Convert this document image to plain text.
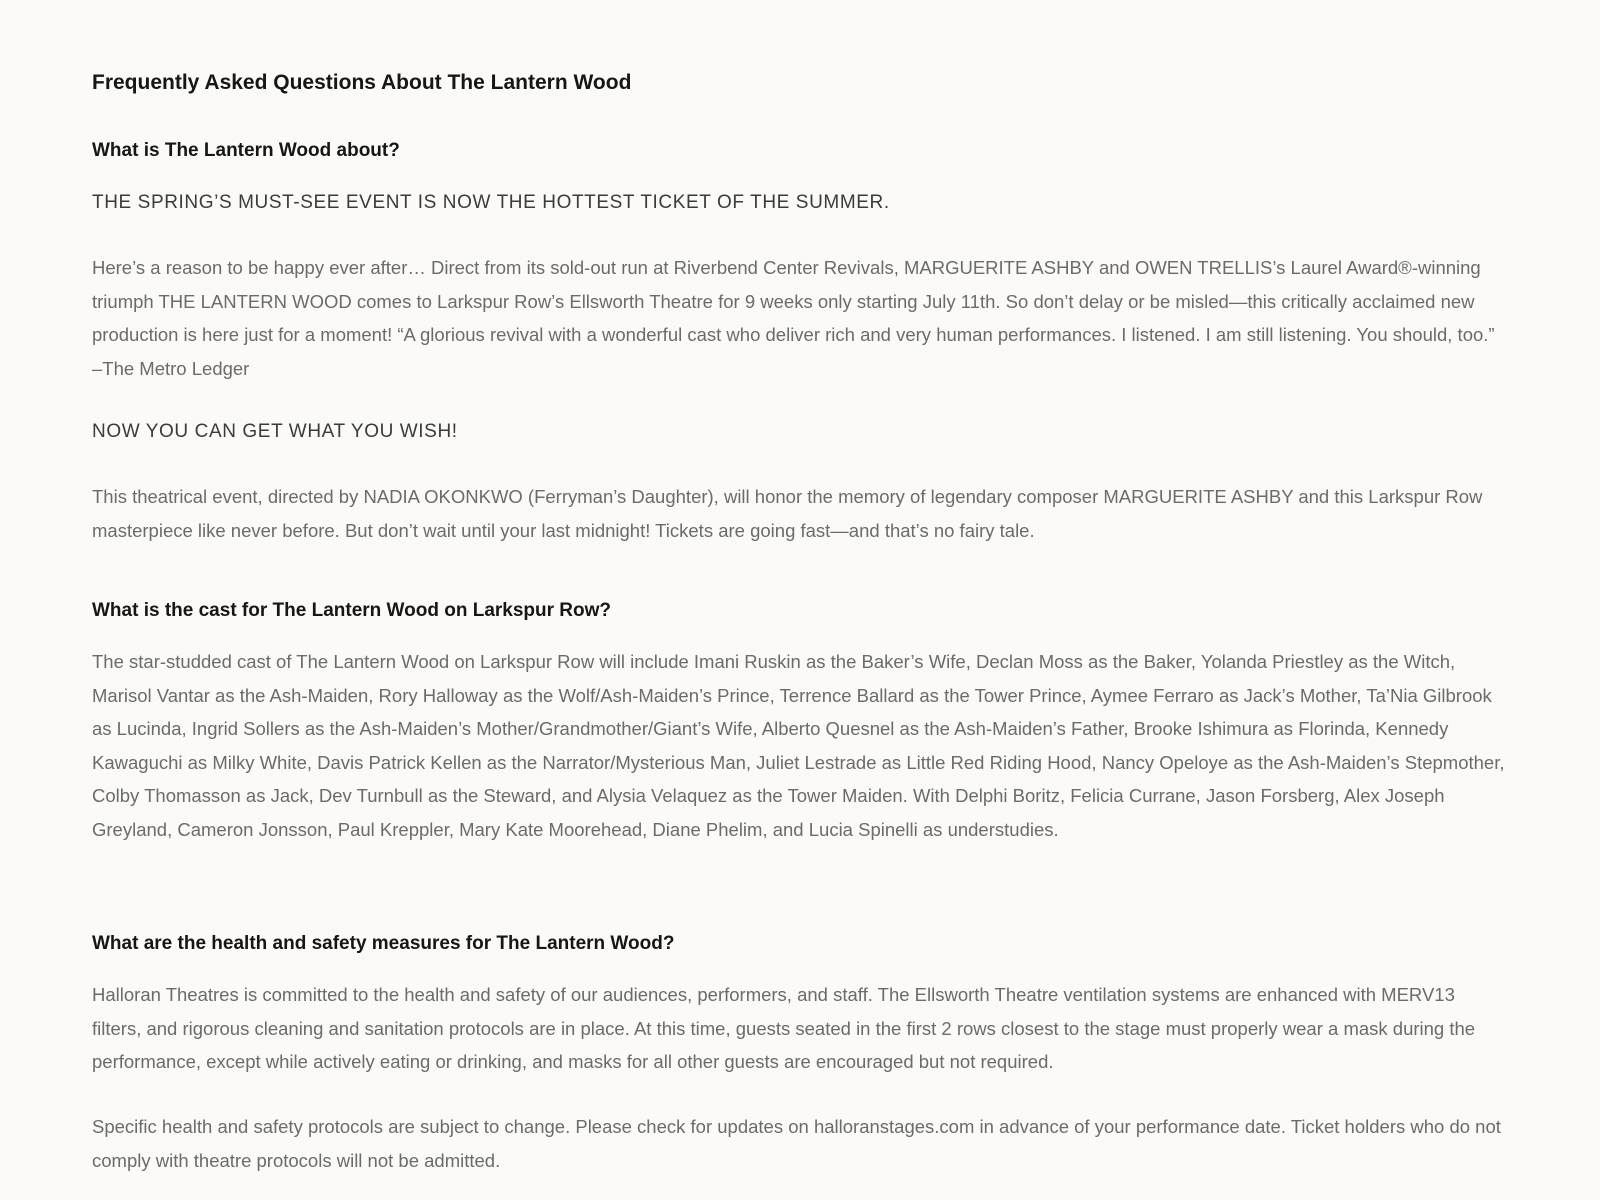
Frequently Asked Questions About The Lantern Wood
What is The Lantern Wood about?

THE SPRING’S MUST-SEE EVENT IS NOW THE HOTTEST TICKET OF THE SUMMER.

Here’s a reason to be happy ever after… Direct from its sold-out run at Riverbend Center Revivals, MARGUERITE ASHBY and OWEN TRELLIS’s Laurel Award®-winning triumph THE LANTERN WOOD comes to Larkspur Row’s Ellsworth Theatre for 9 weeks only starting July 11th. So don’t delay or be misled—this critically acclaimed new production is here just for a moment! “A glorious revival with a wonderful cast who deliver rich and very human performances. I listened. I am still listening. You should, too.” –The Metro Ledger

NOW YOU CAN GET WHAT YOU WISH!

This theatrical event, directed by NADIA OKONKWO (Ferryman’s Daughter), will honor the memory of legendary composer MARGUERITE ASHBY and this Larkspur Row masterpiece like never before. But don’t wait until your last midnight! Tickets are going fast—and that’s no fairy tale.

What is the cast for The Lantern Wood on Larkspur Row?

The star-studded cast of The Lantern Wood on Larkspur Row will include Imani Ruskin as the Baker’s Wife, Declan Moss as the Baker, Yolanda Priestley as the Witch, Marisol Vantar as the Ash-Maiden, Rory Halloway as the Wolf/Ash-Maiden’s Prince, Terrence Ballard as the Tower Prince, Aymee Ferraro as Jack’s Mother, Ta’Nia Gilbrook as Lucinda, Ingrid Sollers as the Ash-Maiden’s Mother/Grandmother/Giant’s Wife, Alberto Quesnel as the Ash-Maiden’s Father, Brooke Ishimura as Florinda, Kennedy Kawaguchi as Milky White, Davis Patrick Kellen as the Narrator/Mysterious Man, Juliet Lestrade as Little Red Riding Hood, Nancy Opeloye as the Ash-Maiden’s Stepmother, Colby Thomasson as Jack, Dev Turnbull as the Steward, and Alysia Velaquez as the Tower Maiden. With Delphi Boritz, Felicia Currane, Jason Forsberg, Alex Joseph Greyland, Cameron Jonsson, Paul Kreppler, Mary Kate Moorehead, Diane Phelim, and Lucia Spinelli as understudies.

What are the health and safety measures for The Lantern Wood?

Halloran Theatres is committed to the health and safety of our audiences, performers, and staff. The Ellsworth Theatre ventilation systems are enhanced with MERV13 filters, and rigorous cleaning and sanitation protocols are in place. At this time, guests seated in the first 2 rows closest to the stage must properly wear a mask during the performance, except while actively eating or drinking, and masks for all other guests are encouraged but not required.

Specific health and safety protocols are subject to change. Please check for updates on halloranstages.com in advance of your performance date. Ticket holders who do not comply with theatre protocols will not be admitted.
